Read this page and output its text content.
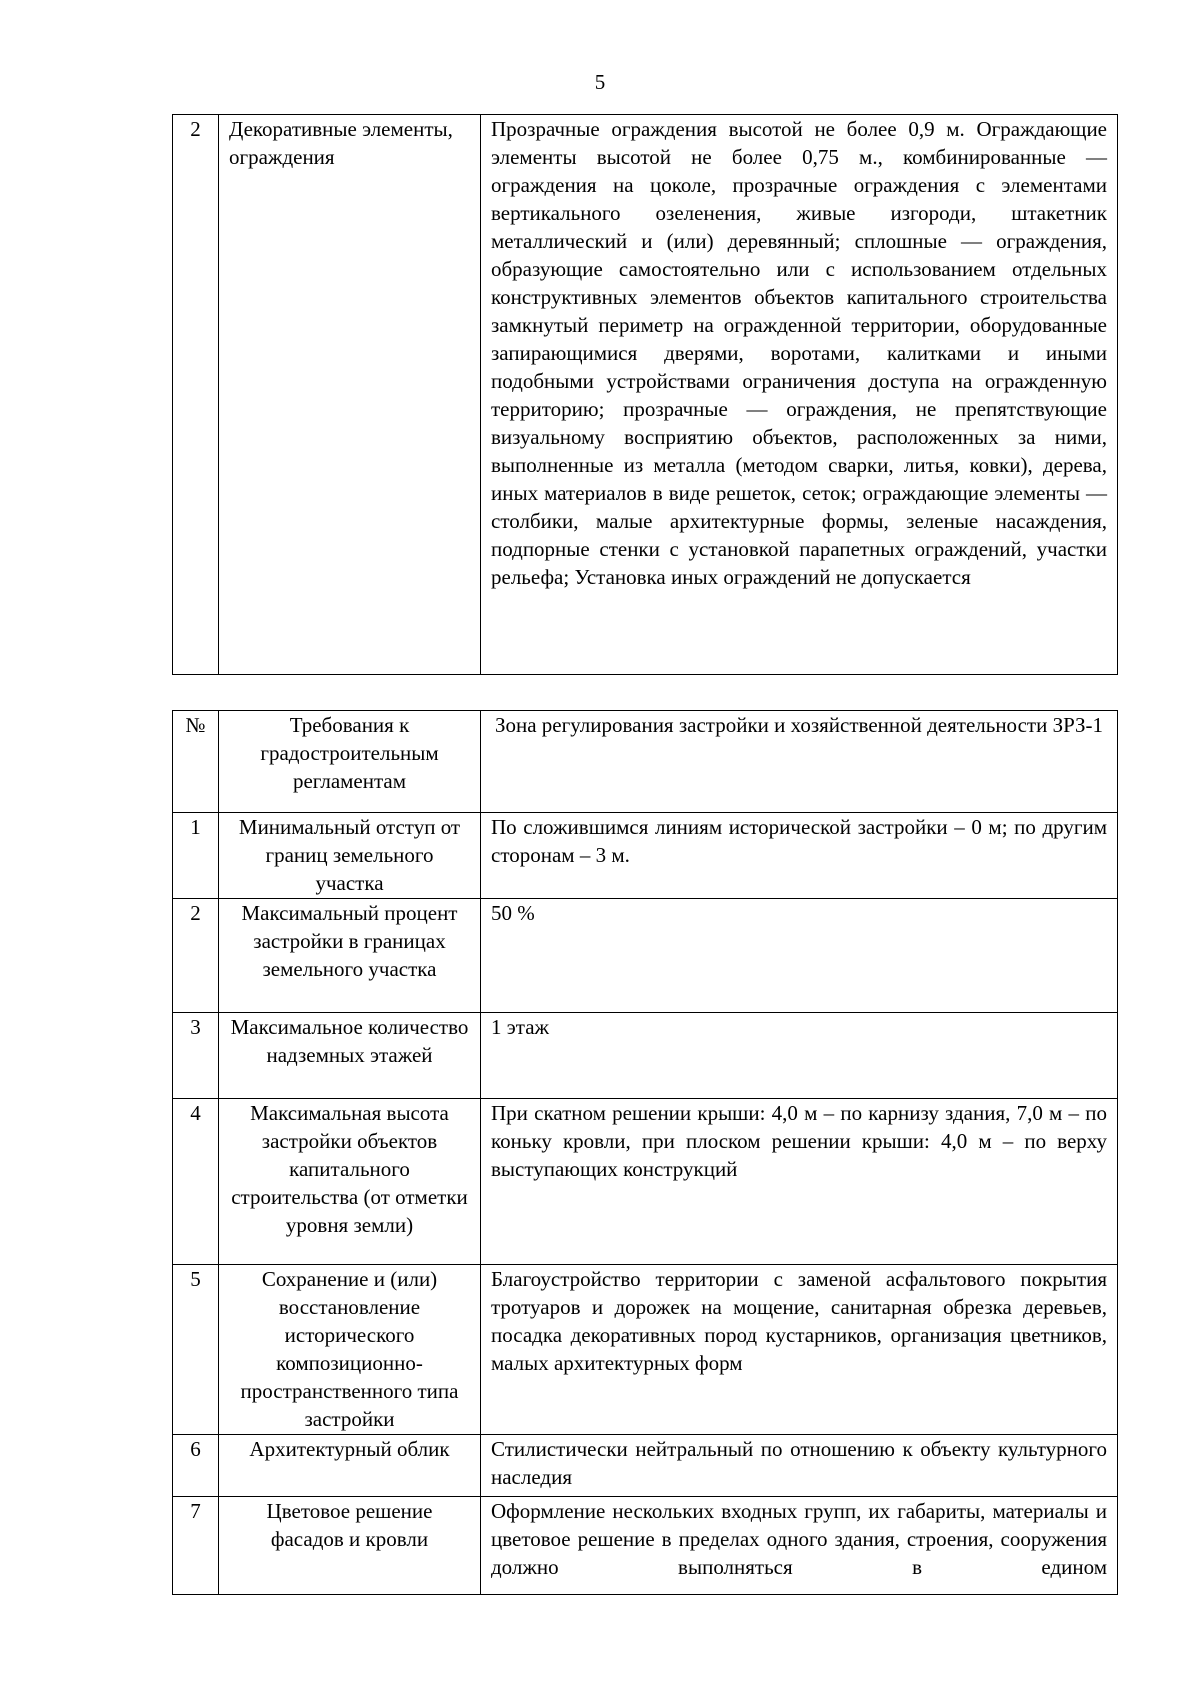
5
2	Декоративные элементы, ограждения	Прозрачные ограждения высотой не более 0,9 м. Ограждающие элементы высотой не более 0,75 м., комбинированные — ограждения на цоколе, прозрачные ограждения с элементами вертикального озеленения, живые изгороди, штакетник металлический и (или) деревянный; сплошные — ограждения, образующие самостоятельно или с использованием отдельных конструктивных элементов объектов капитального строительства замкнутый периметр на огражденной территории, оборудованные запирающимися дверями, воротами, калитками и иными подобными устройствами ограничения доступа на огражденную территорию; прозрачные — ограждения, не препятствующие визуальному восприятию объектов, расположенных за ними, выполненные из металла (методом сварки, литья, ковки), дерева, иных материалов в виде решеток, сеток; ограждающие элементы — столбики, малые архитектурные формы, зеленые насаждения, подпорные стенки с установкой парапетных ограждений, участки рельефа; Установка иных ограждений не допускается
№	Требования к градостроительным регламентам	Зона регулирования застройки и хозяйственной деятельности ЗРЗ-1
1	Минимальный отступ от границ земельного участка	По сложившимся линиям исторической застройки – 0 м; по другим сторонам – 3 м.
2	Максимальный процент застройки в границах земельного участка	50 %
3	Максимальное количество надземных этажей	1 этаж
4	Максимальная высота застройки объектов капитального строительства (от отметки уровня земли)	При скатном решении крыши: 4,0 м – по карнизу здания, 7,0 м – по коньку кровли, при плоском решении крыши: 4,0 м – по верху выступающих конструкций
5	Сохранение и (или) восстановление исторического композиционно-пространственного типа застройки	Благоустройство территории с заменой асфальтового покрытия тротуаров и дорожек на мощение, санитарная обрезка деревьев, посадка декоративных пород кустарников, организация цветников, малых архитектурных форм
6	Архитектурный облик	Стилистически нейтральный по отношению к объекту культурного наследия
7	Цветовое решение фасадов и кровли	Оформление нескольких входных групп, их габариты, материалы и цветовое решение в пределах одного здания, строения, сооружения должно выполняться в едином
